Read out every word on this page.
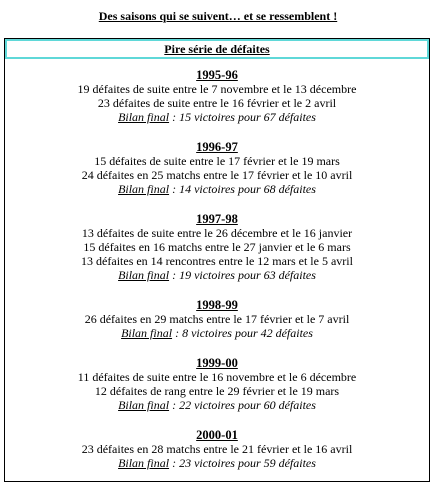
Des saisons qui se suivent… et se ressemblent !
Pire série de défaites
1995-96
19 défaites de suite entre le 7 novembre et le 13 décembre
23 défaites de suite entre le 16 février et le 2 avril
Bilan final : 15 victoires pour 67 défaites
1996-97
15 défaites de suite entre le 17 février et le 19 mars
24 défaites en 25 matchs entre le 17 février et le 10 avril
Bilan final : 14 victoires pour 68 défaites
1997-98
13 défaites de suite entre le 26 décembre et le 16 janvier
15 défaites en 16 matchs entre le 27 janvier et le 6 mars
13 défaites en 14 rencontres entre le 12 mars et le 5 avril
Bilan final : 19 victoires pour 63 défaites
1998-99
26 défaites en 29 matchs entre le 17 février et le 7 avril
Bilan final : 8 victoires pour 42 défaites
1999-00
11 défaites de suite entre le 16 novembre et le 6 décembre
12 défaites de rang entre le 29 février et le 19 mars
Bilan final : 22 victoires pour 60 défaites
2000-01
23 défaites en 28 matchs entre le 21 février et le 16 avril
Bilan final : 23 victoires pour 59 défaites
